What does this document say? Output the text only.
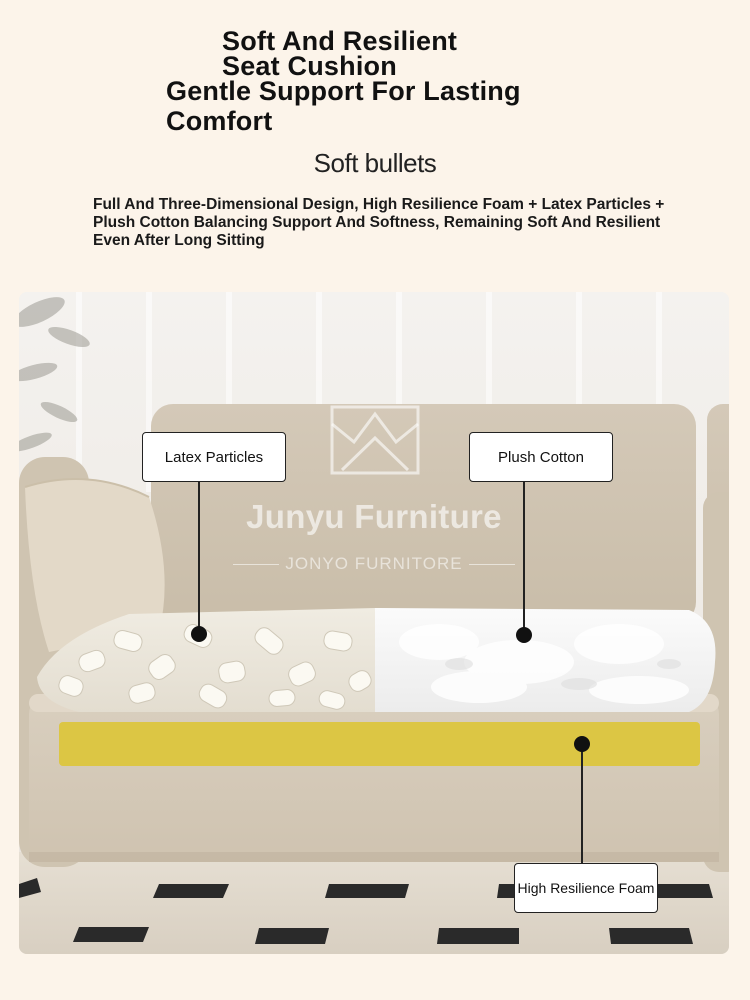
Soft And Resilient
Seat Cushion
Gentle Support For Lasting
Comfort
Soft bullets
Full And Three-Dimensional Design, High Resilience Foam + Latex Particles + Plush Cotton Balancing Support And Softness, Remaining Soft And Resilient Even After Long Sitting
Junyu Furniture
JONYO FURNITORE
Latex Particles	Plush Cotton
High Resilience Foam
